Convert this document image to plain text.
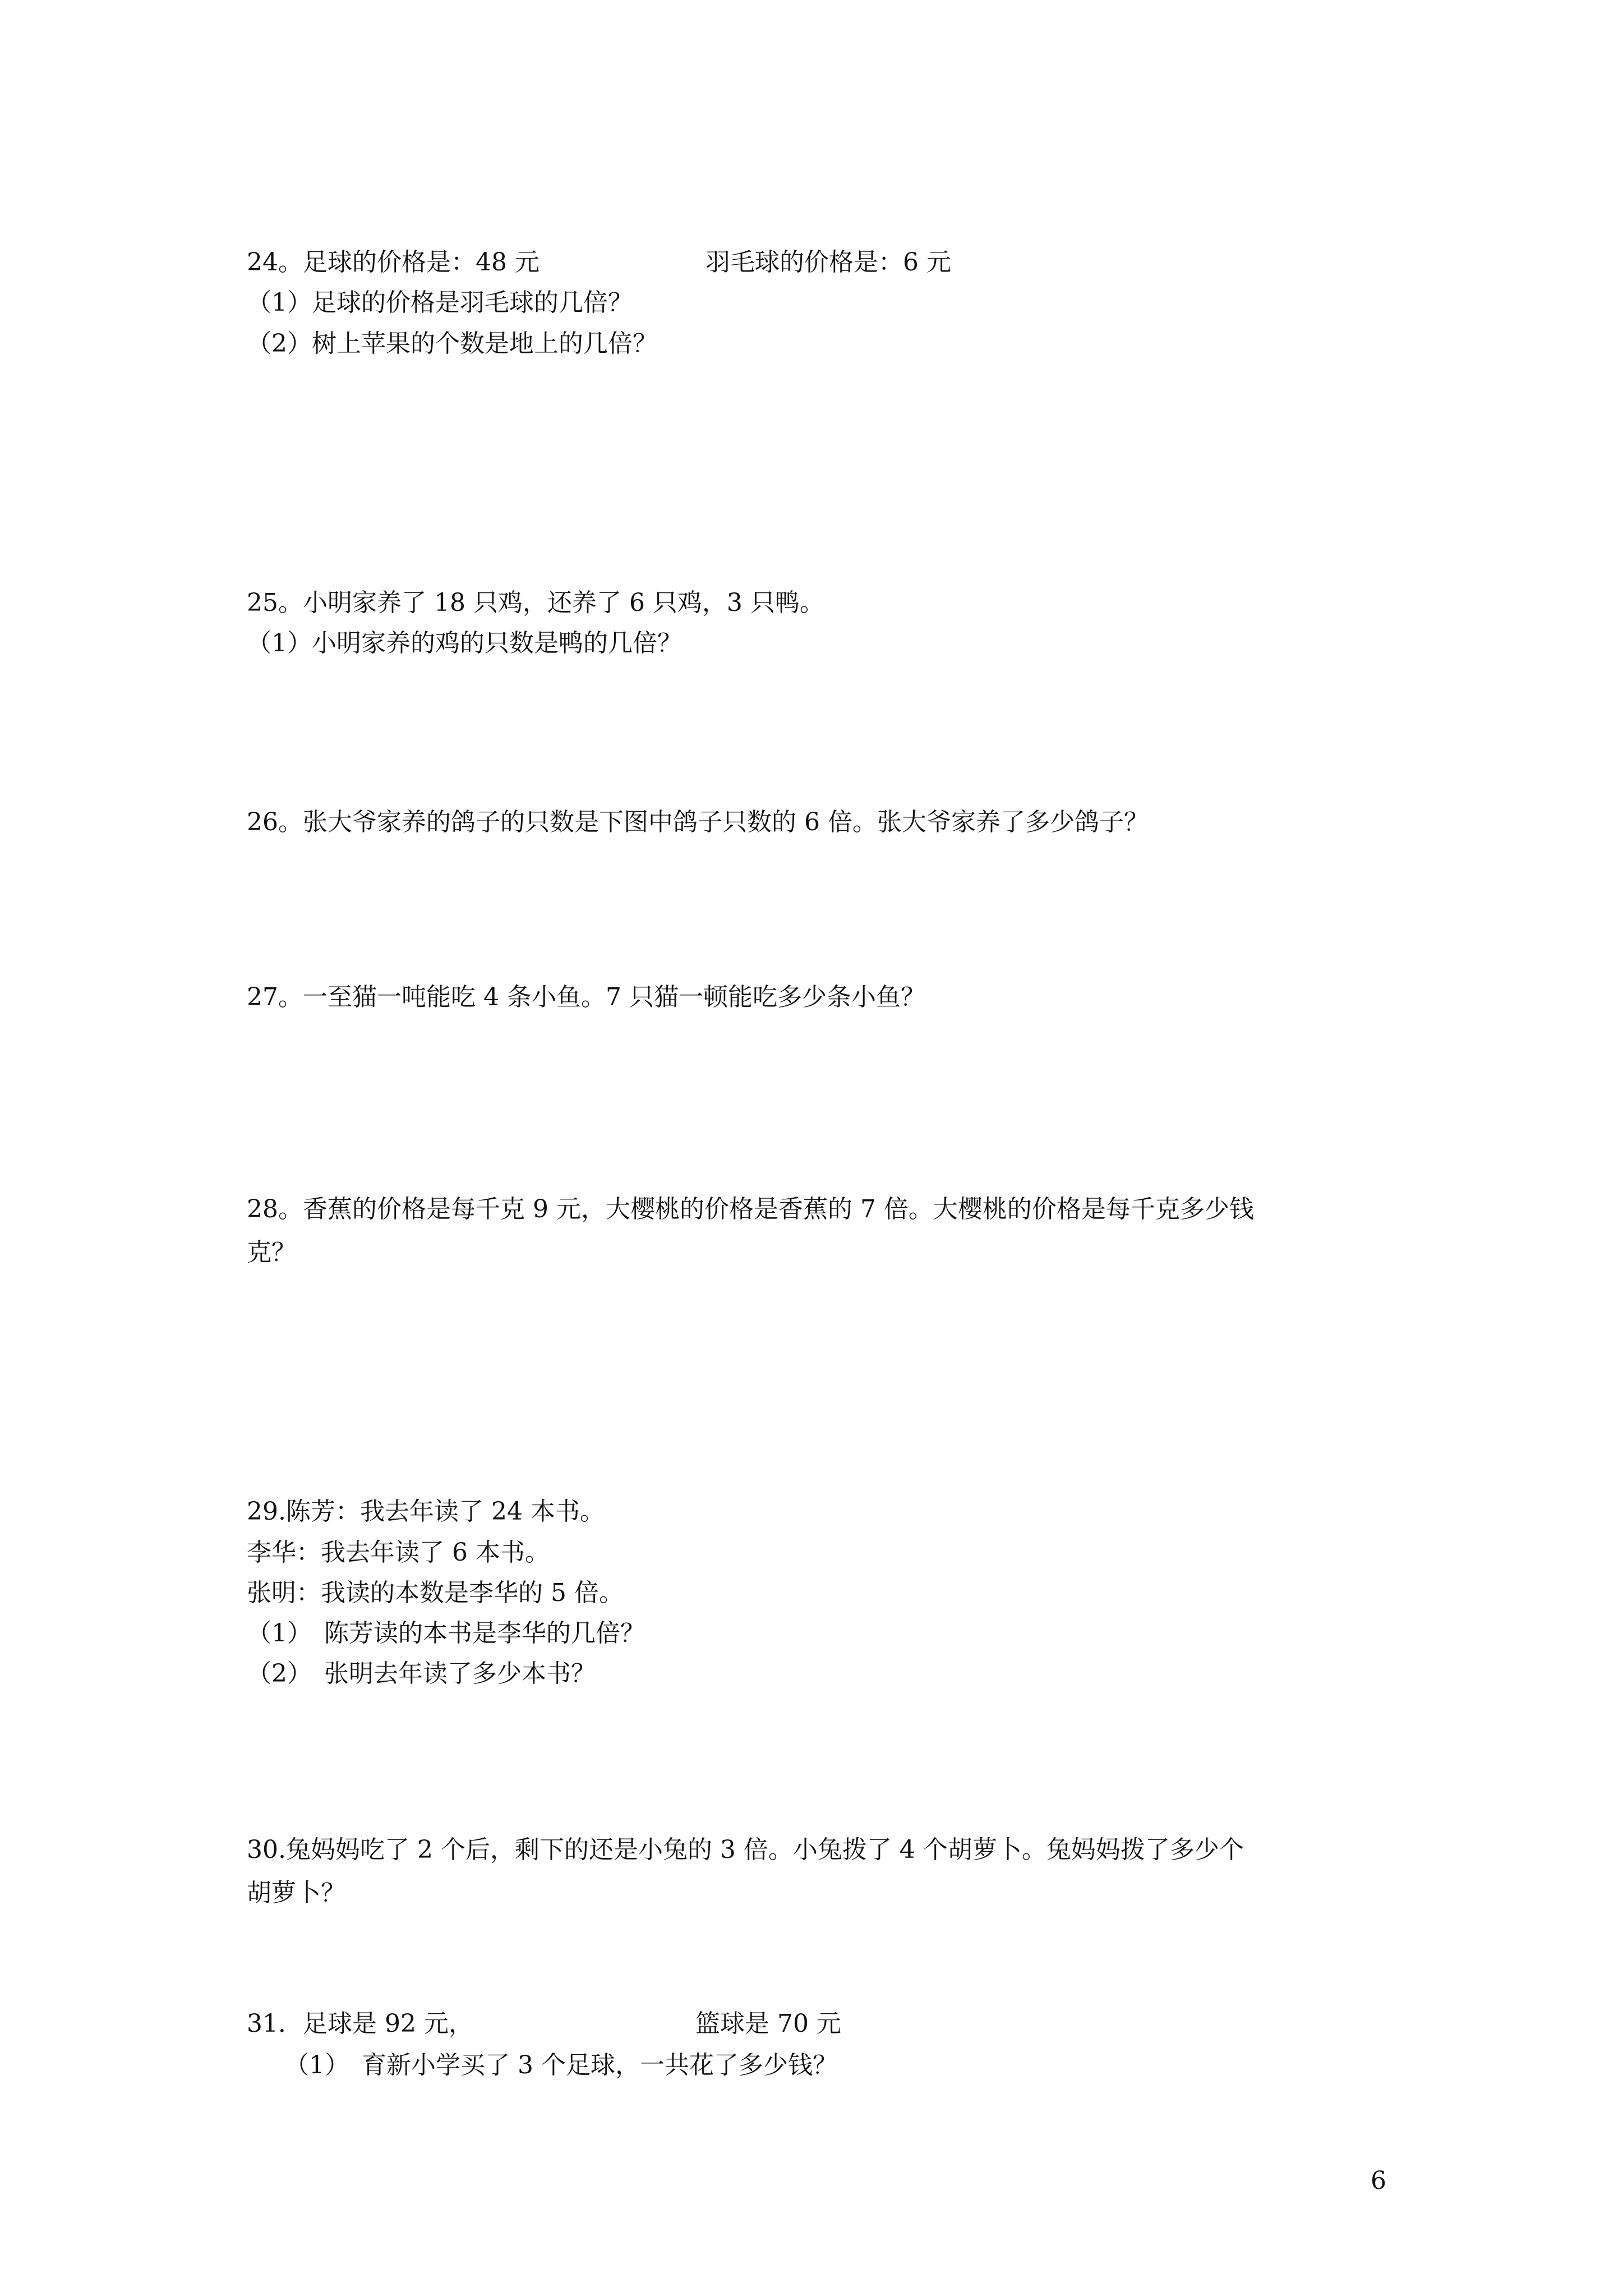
24。足球的价格是：48 元	羽毛球的价格是：6 元
（1）足球的价格是羽毛球的几倍？
（2）树上苹果的个数是地上的几倍？
25。小明家养了 18 只鸡，还养了 6 只鸡，3 只鸭。
（1）小明家养的鸡的只数是鸭的几倍？
26。张大爷家养的鸽子的只数是下图中鸽子只数的 6 倍。张大爷家养了多少鸽子？
27。一至猫一吨能吃 4 条小鱼。7 只猫一顿能吃多少条小鱼？
28。香蕉的价格是每千克 9 元，大樱桃的价格是香蕉的 7 倍。大樱桃的价格是每千克多少钱
克？
29.陈芳：我去年读了 24 本书。
李华：我去年读了 6 本书。
张明：我读的本数是李华的 5 倍。
（1）　陈芳读的本书是李华的几倍？
（2）　张明去年读了多少本书？
30.兔妈妈吃了 2 个后，剩下的还是小兔的 3 倍。小兔拨了 4 个胡萝卜。兔妈妈拨了多少个
胡萝卜？
31．足球是 92 元，	篮球是 70 元
（1）　育新小学买了 3 个足球，一共花了多少钱？
6
